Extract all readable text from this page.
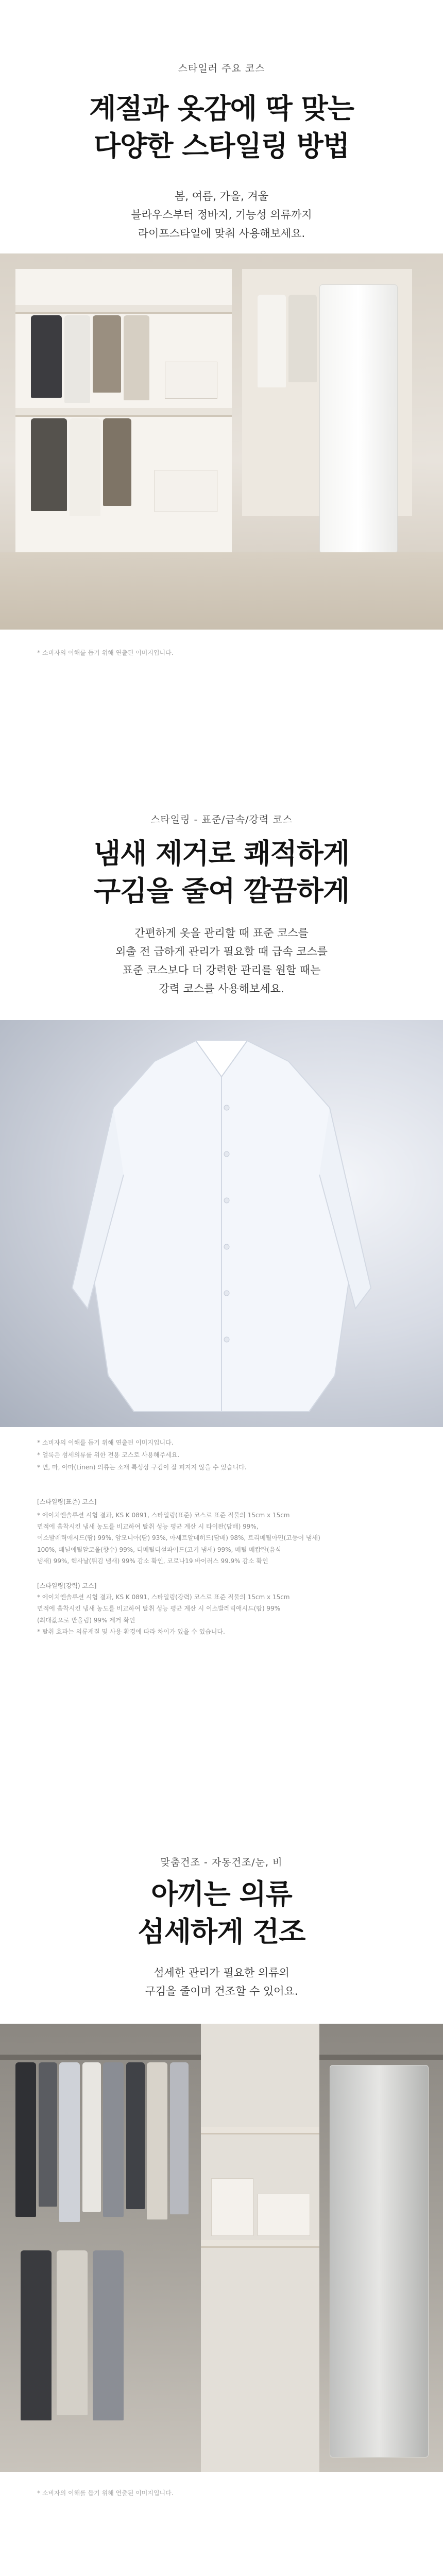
스타일러 주요 코스
계절과 옷감에 딱 맞는
다양한 스타일링 방법
봄, 여름, 가을, 겨울
블라우스부터 정바지, 기능성 의류까지
라이프스타일에 맞춰 사용해보세요.
* 소비자의 이해를 돕기 위해 연출된 이미지입니다.
스타일링 - 표준/급속/강력 코스
냄새 제거로 쾌적하게
구김을 줄여 깔끔하게
간편하게 옷을 관리할 때 표준 코스를
외출 전 급하게 관리가 필요할 때 급속 코스를
표준 코스보다 더 강력한 관리를 원할 때는
강력 코스를 사용해보세요.
* 소비자의 이해를 돕기 위해 연출된 이미지입니다.
* 얼룩은 섬세의류를 위한 전용 코스로 사용해주세요.
* 면, 마, 아마(Linen) 의류는 소재 특성상 구김이 잘 펴지지 않을 수 있습니다.
[스타일링(표준) 코스]
* 에이치엔솔루션 시험 결과, KS K 0891, 스타일링(표준) 코스로 표준 직물의 15cm x 15cm
면적에 흡착시킨 냄새 농도를 비교하여 탈취 성능 평균 계산 시 타이완(담배) 99%,
이소발레릭애시드(땀) 99%, 암모니아(땀) 93%, 아세트알데히드(담배) 98%, 트리메틸아민(고등어 냄새)
100%, 페닐에틸알코올(향수) 99%, 디메틸디설파이드(고기 냄새) 99%, 메틸 메캅탄(음식
냄새) 99%, 헥사날(튀김 냄새) 99% 감소 확인, 코로나19 바이러스 99.9% 감소 확인
[스타일링(강력) 코스]
* 에이치엔솔루션 시험 결과, KS K 0891, 스타일링(강력) 코스로 표준 직물의 15cm x 15cm
면적에 흡착시킨 냄새 농도를 비교하여 탈취 성능 평균 계산 시 이소발레릭애시드(땀) 99%
(최대값으로 반올림) 99% 제거 확인
* 탈취 효과는 의류재질 및 사용 환경에 따라 차이가 있을 수 있습니다.
맞춤건조 - 자동건조/눈, 비
아끼는 의류
섬세하게 건조
섬세한 관리가 필요한 의류의
구김을 줄이며 건조할 수 있어요.
* 소비자의 이해를 돕기 위해 연출된 이미지입니다.
